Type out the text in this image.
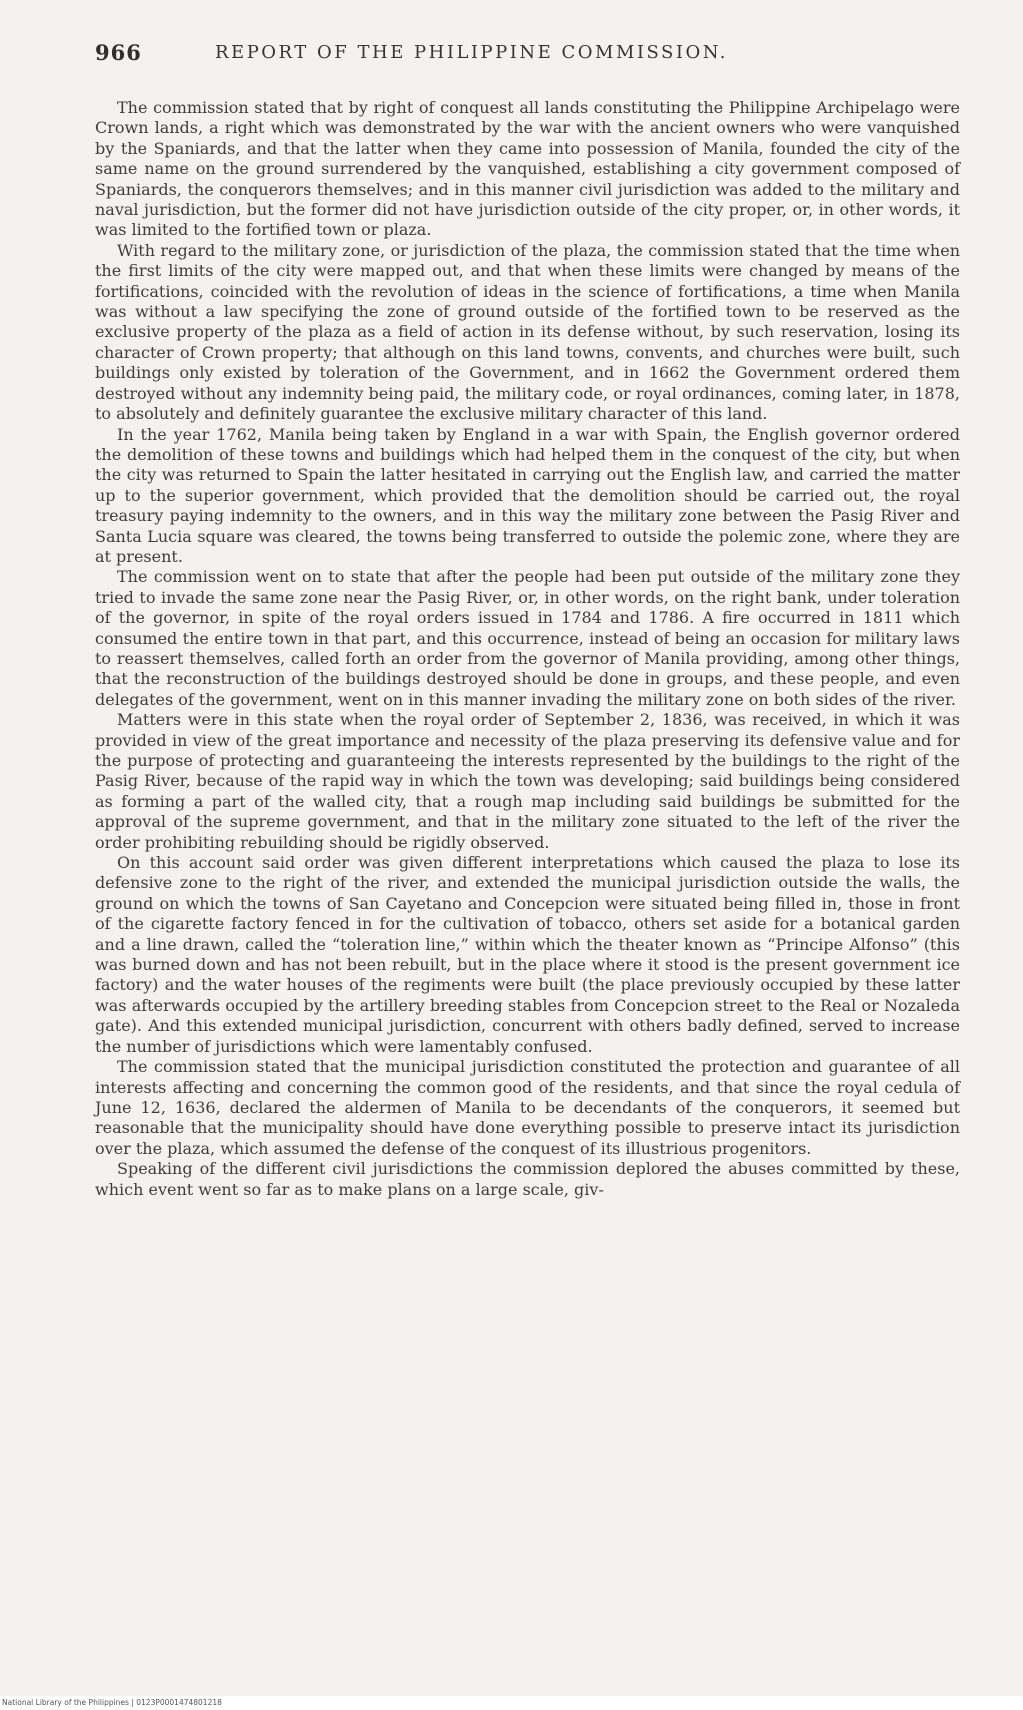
966	REPORT OF THE PHILIPPINE COMMISSION.

The commission stated that by right of conquest all lands constituting the Philippine Archipelago were Crown lands, a right which was demonstrated by the war with the ancient owners who were vanquished by the Spaniards, and that the latter when they came into possession of Manila, founded the city of the same name on the ground surrendered by the vanquished, establishing a city government composed of Spaniards, the conquerors themselves; and in this manner civil jurisdiction was added to the military and naval jurisdiction, but the former did not have jurisdiction outside of the city proper, or, in other words, it was limited to the fortified town or plaza.

With regard to the military zone, or jurisdiction of the plaza, the commission stated that the time when the first limits of the city were mapped out, and that when these limits were changed by means of the fortifications, coincided with the revolution of ideas in the science of fortifications, a time when Manila was without a law specifying the zone of ground outside of the fortified town to be reserved as the exclusive property of the plaza as a field of action in its defense without, by such reservation, losing its character of Crown property; that although on this land towns, convents, and churches were built, such buildings only existed by toleration of the Government, and in 1662 the Government ordered them destroyed without any indemnity being paid, the military code, or royal ordinances, coming later, in 1878, to absolutely and definitely guarantee the exclusive military character of this land.

In the year 1762, Manila being taken by England in a war with Spain, the English governor ordered the demolition of these towns and buildings which had helped them in the conquest of the city, but when the city was returned to Spain the latter hesitated in carrying out the English law, and carried the matter up to the superior government, which provided that the demolition should be carried out, the royal treasury paying indemnity to the owners, and in this way the military zone between the Pasig River and Santa Lucia square was cleared, the towns being transferred to outside the polemic zone, where they are at present.

The commission went on to state that after the people had been put outside of the military zone they tried to invade the same zone near the Pasig River, or, in other words, on the right bank, under toleration of the governor, in spite of the royal orders issued in 1784 and 1786. A fire occurred in 1811 which consumed the entire town in that part, and this occurrence, instead of being an occasion for military laws to reassert themselves, called forth an order from the governor of Manila providing, among other things, that the reconstruction of the buildings destroyed should be done in groups, and these people, and even delegates of the government, went on in this manner invading the military zone on both sides of the river.

Matters were in this state when the royal order of September 2, 1836, was received, in which it was provided in view of the great importance and necessity of the plaza preserving its defensive value and for the purpose of protecting and guaranteeing the interests represented by the buildings to the right of the Pasig River, because of the rapid way in which the town was developing; said buildings being considered as forming a part of the walled city, that a rough map including said buildings be submitted for the approval of the supreme government, and that in the military zone situated to the left of the river the order prohibiting rebuilding should be rigidly observed.

On this account said order was given different interpretations which caused the plaza to lose its defensive zone to the right of the river, and extended the municipal jurisdiction outside the walls, the ground on which the towns of San Cayetano and Concepcion were situated being filled in, those in front of the cigarette factory fenced in for the cultivation of tobacco, others set aside for a botanical garden and a line drawn, called the “toleration line,” within which the theater known as “Principe Alfonso” (this was burned down and has not been rebuilt, but in the place where it stood is the present government ice factory) and the water houses of the regiments were built (the place previously occupied by these latter was afterwards occupied by the artillery breeding stables from Concepcion street to the Real or Nozaleda gate). And this extended municipal jurisdiction, concurrent with others badly defined, served to increase the number of jurisdictions which were lamentably confused.

The commission stated that the municipal jurisdiction constituted the protection and guarantee of all interests affecting and concerning the common good of the residents, and that since the royal cedula of June 12, 1636, declared the aldermen of Manila to be decendants of the conquerors, it seemed but reasonable that the municipality should have done everything possible to preserve intact its jurisdiction over the plaza, which assumed the defense of the conquest of its illustrious progenitors.

Speaking of the different civil jurisdictions the commission deplored the abuses committed by these, which event went so far as to make plans on a large scale, giv-

National Library of the Philippines | 0123P0001474801218
